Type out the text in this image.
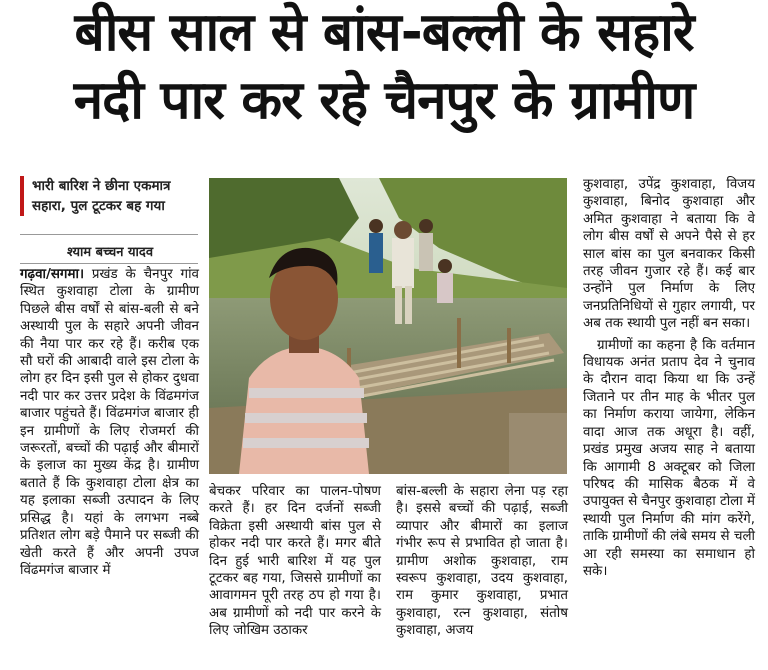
बीस साल से बांस-बल्ली के सहारे
नदी पार कर रहे चैनपुर के ग्रामीण
भारी बारिश ने छीना एकमात्र सहारा, पुल टूटकर बह गया
श्याम बच्चन यादव

गढ़वा/सगमा। प्रखंड के चैनपुर गांव स्थित कुशवाहा टोला के ग्रामीण पिछले बीस वर्षों से बांस-बली से बने अस्थायी पुल के सहारे अपनी जीवन की नैया पार कर रहे हैं। करीब एक सौ घरों की आबादी वाले इस टोला के लोग हर दिन इसी पुल से होकर दुधवा नदी पार कर उत्तर प्रदेश के विंढमगंज बाजार पहुंचते हैं। विंढमगंज बाजार ही इन ग्रामीणों के लिए रोजमर्रा की जरूरतों, बच्चों की पढ़ाई और बीमारों के इलाज का मुख्य केंद्र है। ग्रामीण बताते हैं कि कुशवाहा टोला क्षेत्र का यह इलाका सब्जी उत्पादन के लिए प्रसिद्ध है। यहां के लगभग नब्बे प्रतिशत लोग बड़े पैमाने पर सब्जी की खेती करते हैं और अपनी उपज विंढमगंज बाजार में

बेचकर परिवार का पालन-पोषण करते हैं। हर दिन दर्जनों सब्जी विक्रेता इसी अस्थायी बांस पुल से होकर नदी पार करते हैं। मगर बीते दिन हुई भारी बारिश में यह पुल टूटकर बह गया, जिससे ग्रामीणों का आवागमन पूरी तरह ठप हो गया है। अब ग्रामीणों को नदी पार करने के लिए जोखिम उठाकर

बांस-बल्ली के सहारा लेना पड़ रहा है। इससे बच्चों की पढ़ाई, सब्जी व्यापार और बीमारों का इलाज गंभीर रूप से प्रभावित हो जाता है। ग्रामीण अशोक कुशवाहा, राम स्वरूप कुशवाहा, उदय कुशवाहा, राम कुमार कुशवाहा, प्रभात कुशवाहा, रत्न कुशवाहा, संतोष कुशवाहा, अजय

कुशवाहा, उपेंद्र कुशवाहा, विजय कुशवाहा, बिनोद कुशवाहा और अमित कुशवाहा ने बताया कि वे लोग बीस वर्षों से अपने पैसे से हर साल बांस का पुल बनवाकर किसी तरह जीवन गुजार रहे हैं। कई बार उन्होंने पुल निर्माण के लिए जनप्रतिनिधियों से गुहार लगायी, पर अब तक स्थायी पुल नहीं बन सका।

ग्रामीणों का कहना है कि वर्तमान विधायक अनंत प्रताप देव ने चुनाव के दौरान वादा किया था कि उन्हें जिताने पर तीन माह के भीतर पुल का निर्माण कराया जायेगा, लेकिन वादा आज तक अधूरा है। वहीं, प्रखंड प्रमुख अजय साह ने बताया कि आगामी 8 अक्टूबर को जिला परिषद की मासिक बैठक में वे उपायुक्त से चैनपुर कुशवाहा टोला में स्थायी पुल निर्माण की मांग करेंगे, ताकि ग्रामीणों की लंबे समय से चली आ रही समस्या का समाधान हो सके।
